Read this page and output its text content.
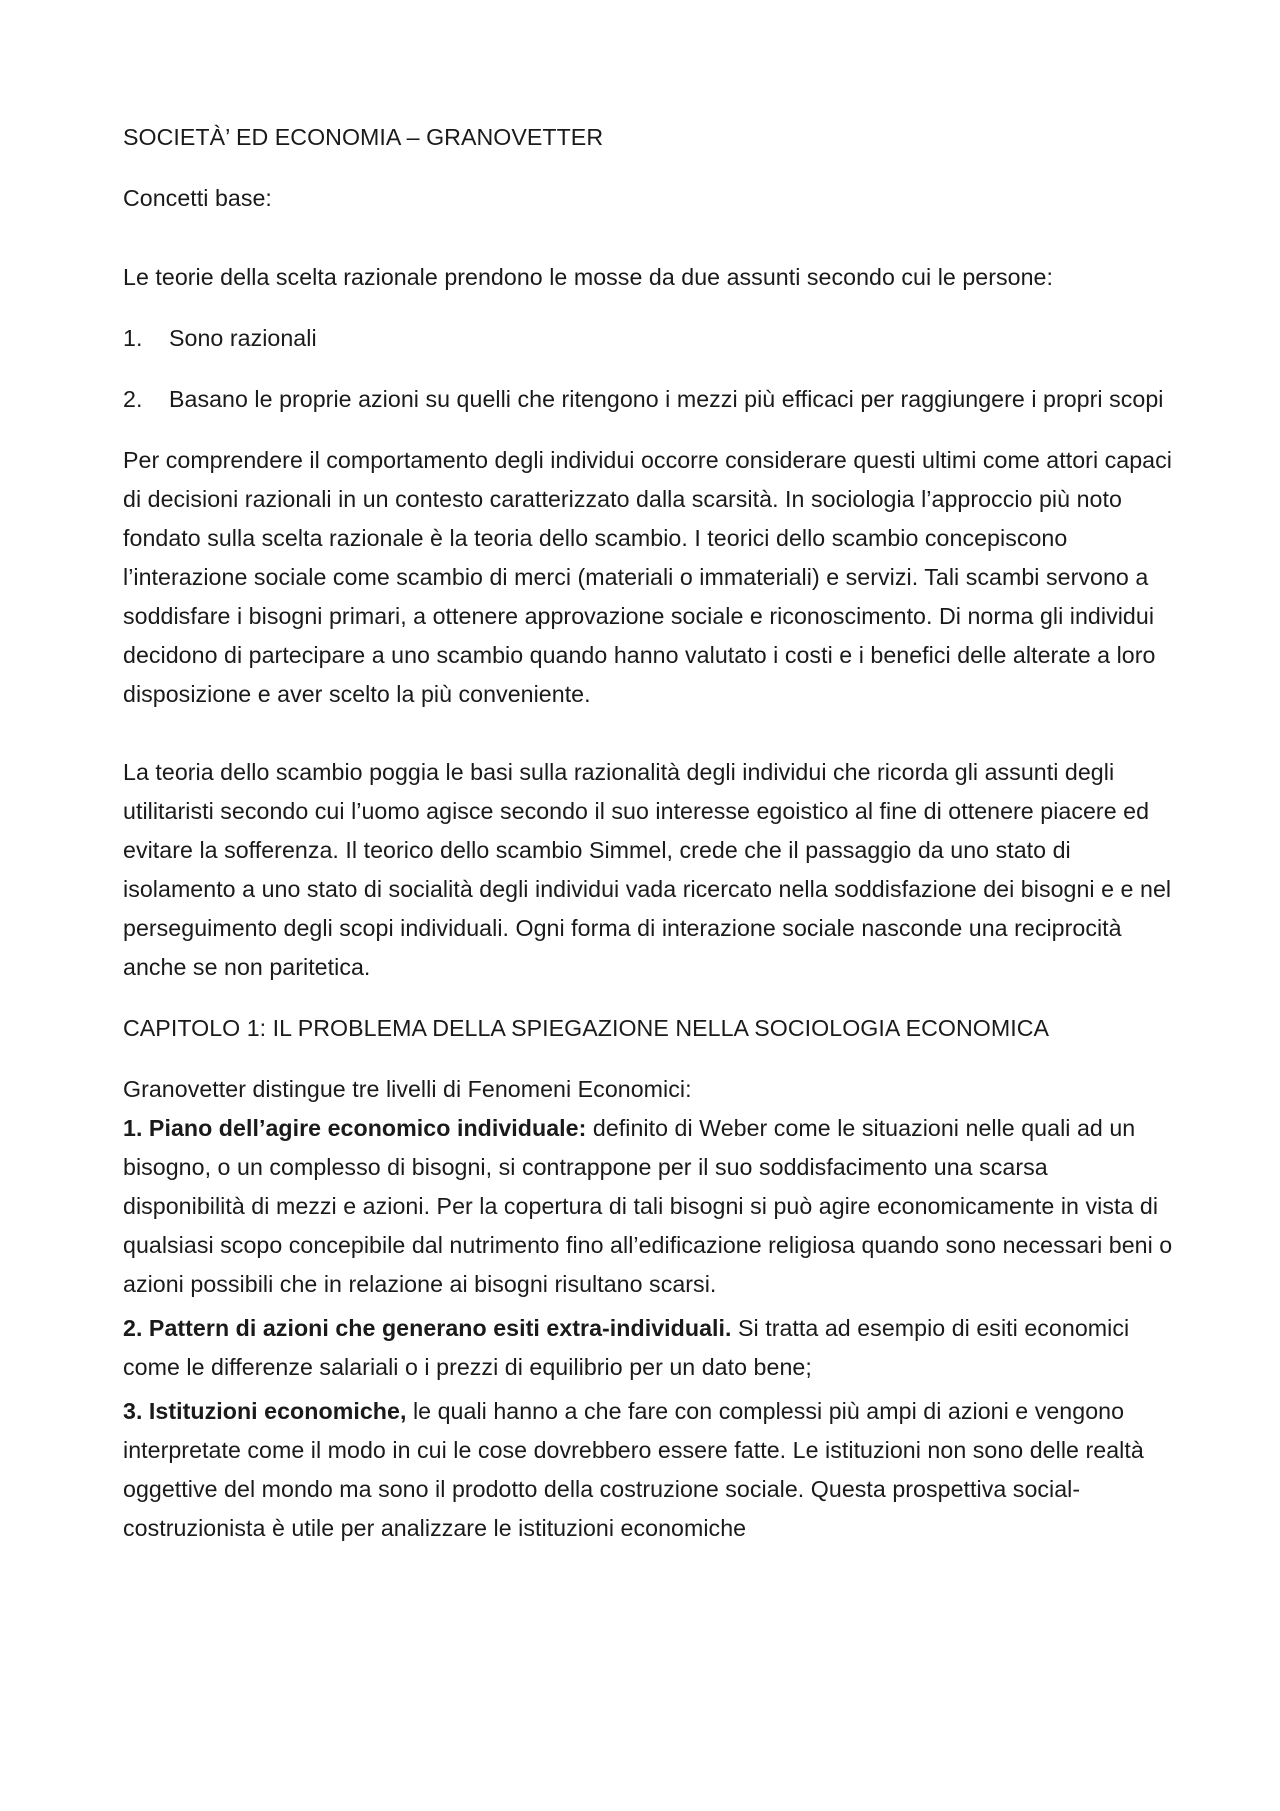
SOCIETÀ’ ED ECONOMIA – GRANOVETTER

Concetti base:

Le teorie della scelta razionale prendono le mosse da due assunti secondo cui le persone:

1.	Sono razionali
2.	Basano le proprie azioni su quelli che ritengono i mezzi più efficaci per raggiungere i propri scopi

Per comprendere il comportamento degli individui occorre considerare questi ultimi come attori capaci di decisioni razionali in un contesto caratterizzato dalla scarsità. In sociologia l’approccio più noto fondato sulla scelta razionale è la teoria dello scambio. I teorici dello scambio concepiscono l’interazione sociale come scambio di merci (materiali o immateriali) e servizi. Tali scambi servono a soddisfare i bisogni primari, a ottenere approvazione sociale e riconoscimento. Di norma gli individui decidono di partecipare a uno scambio quando hanno valutato i costi e i benefici delle alterate a loro disposizione e aver scelto la più conveniente.

La teoria dello scambio poggia le basi sulla razionalità degli individui che ricorda gli assunti degli utilitaristi secondo cui l’uomo agisce secondo il suo interesse egoistico al fine di ottenere piacere ed evitare la sofferenza. Il teorico dello scambio Simmel, crede che il passaggio da uno stato di isolamento a uno stato di socialità degli individui vada ricercato nella soddisfazione dei bisogni e e nel perseguimento degli scopi individuali. Ogni forma di interazione sociale nasconde una reciprocità anche se non paritetica.

CAPITOLO 1: IL PROBLEMA DELLA SPIEGAZIONE NELLA SOCIOLOGIA ECONOMICA

Granovetter distingue tre livelli di Fenomeni Economici:

1. Piano dell’agire economico individuale: definito di Weber come le situazioni nelle quali ad un bisogno, o un complesso di bisogni, si contrappone per il suo soddisfacimento una scarsa disponibilità di mezzi e azioni. Per la copertura di tali bisogni si può agire economicamente in vista di qualsiasi scopo concepibile dal nutrimento fino all’edificazione religiosa quando sono necessari beni o azioni possibili che in relazione ai bisogni risultano scarsi.

2. Pattern di azioni che generano esiti extra-individuali. Si tratta ad esempio di esiti economici come le differenze salariali o i prezzi di equilibrio per un dato bene;

3. Istituzioni economiche, le quali hanno a che fare con complessi più ampi di azioni e vengono interpretate come il modo in cui le cose dovrebbero essere fatte. Le istituzioni non sono delle realtà oggettive del mondo ma sono il prodotto della costruzione sociale. Questa prospettiva social-costruzionista è utile per analizzare le istituzioni economiche
